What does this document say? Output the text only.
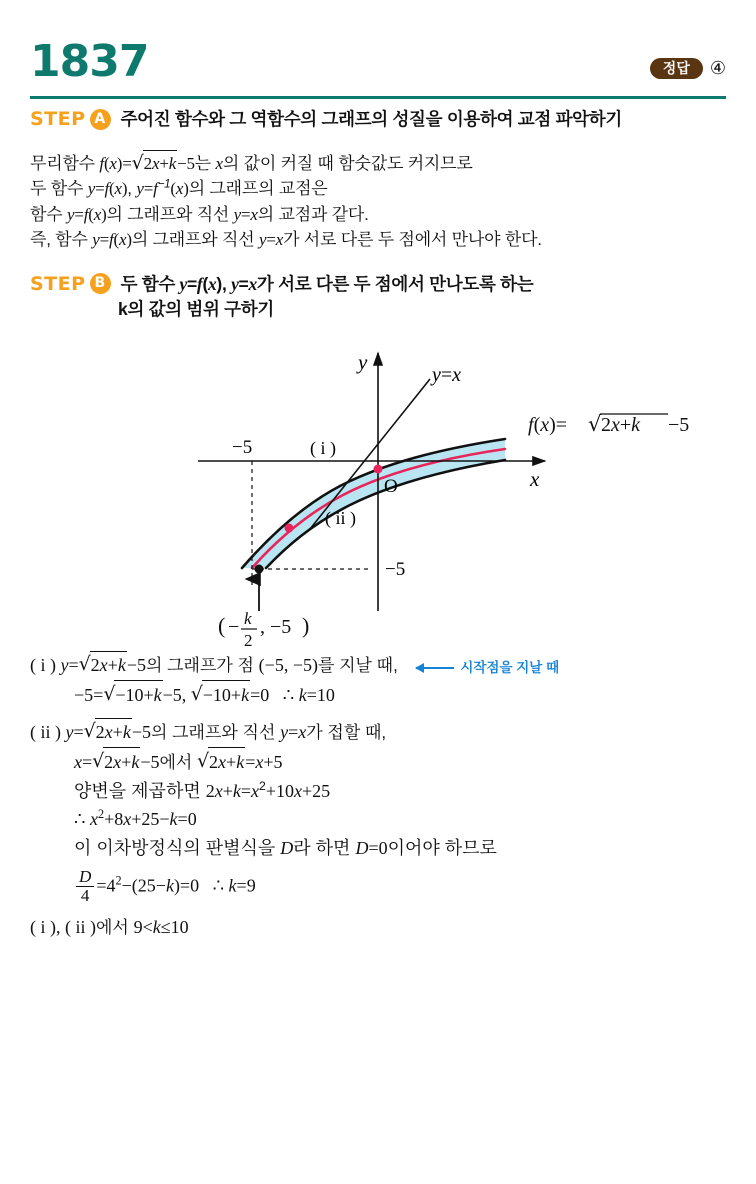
1837	정답	④
STEP A 주어진 함수와 그 역함수의 그래프의 성질을 이용하여 교점 파악하기
무리함수 f(x)= √ 2x+k−5는 x의 값이 커질 때 함숫값도 커지므로
두 함수 y=f(x), $y=f^{-1}(x)$의 그래프의 교점은
함수 y=f(x)의 그래프와 직선 y=x의 교점과 같다.
즉, 함수 y=f(x)의 그래프와 직선 y=x가 서로 다른 두 점에서 만나야 한다.
STEP B 두 함수 y=f(x), y=x가 서로 다른 두 점에서 만나도록 하는
k의 값의 범위 구하기
y
x
O
y=x
−5
−5
( i )
( ii )
f(x)= √ 2x+k −5
( − k
2
, −5 )
( i ) y= √ 2x+k−5의 그래프가 점 (−5, −5)를 지날 때,	시작점을 지날 때
−5= √ −10+k−5, √ −10+k=0 ∴ k=10
( ii ) y= √ 2x+k−5의 그래프와 직선 y=x가 접할 때,
x= √ 2x+k−5에서 √ 2x+k=x+5
양변을 제곱하면 $2x+k=x^2+10x+25$
∴ $x^2+8x+25-k=0$
이 이차방정식의 판별식을 D라 하면 D=0이어야 하므로
$\frac{D}{4} =4^2-(25-k)=0$ ∴ k=9
( i ), ( ii )에서 9<k≤10
